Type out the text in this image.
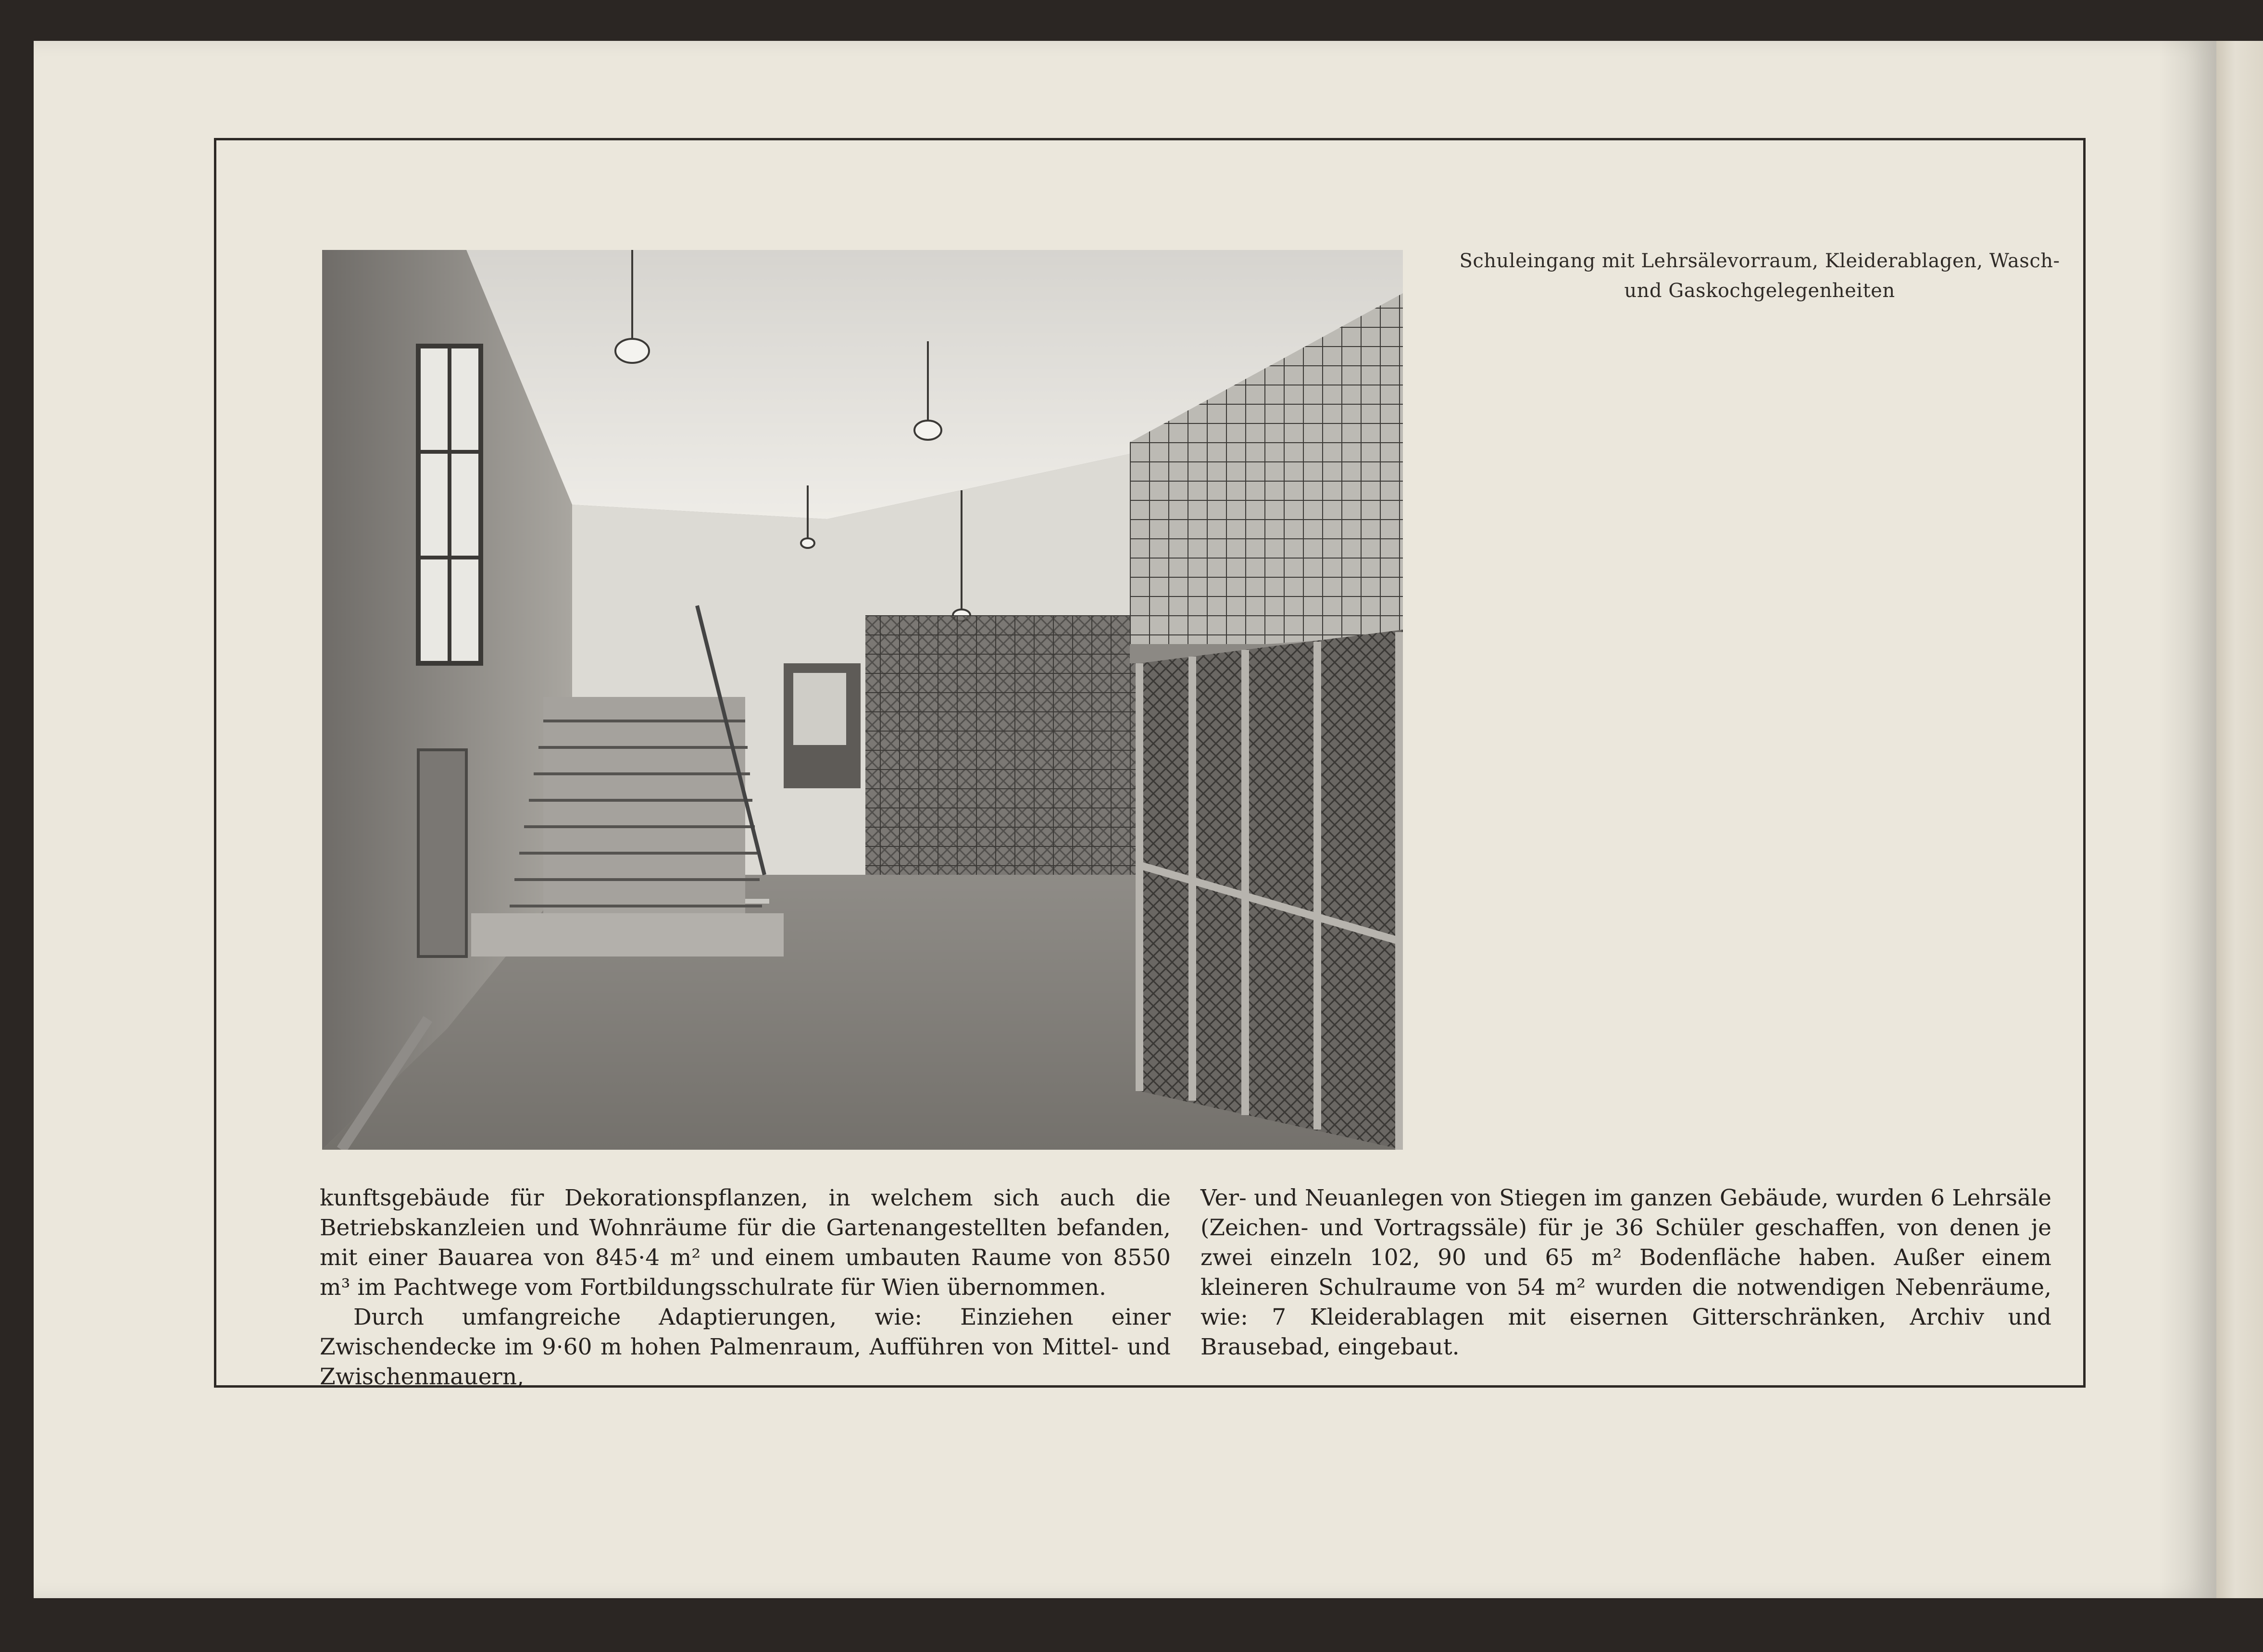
Schuleingang mit Lehrsälevorraum, Kleiderablagen, Wasch-
und Gaskochgelegenheiten

kunftsgebäude für Dekorationspflanzen, in welchem sich auch die Betriebskanzleien und Wohnräume für die Gartenangestellten befanden, mit einer Bauarea von 845·4 m² und einem umbauten Raume von 8550 m³ im Pachtwege vom Fortbildungsschulrate für Wien übernommen.

Durch umfangreiche Adaptierungen, wie: Einziehen einer Zwischendecke im 9·60 m hohen Palmenraum, Aufführen von Mittel- und Zwischenmauern,

Ver- und Neuanlegen von Stiegen im ganzen Gebäude, wurden 6 Lehrsäle (Zeichen- und Vortragssäle) für je 36 Schüler geschaffen, von denen je zwei einzeln 102, 90 und 65 m² Bodenfläche haben. Außer einem kleineren Schulraume von 54 m² wurden die notwendigen Nebenräume, wie: 7 Kleiderablagen mit eisernen Gitterschränken, Archiv und Brausebad, eingebaut.
